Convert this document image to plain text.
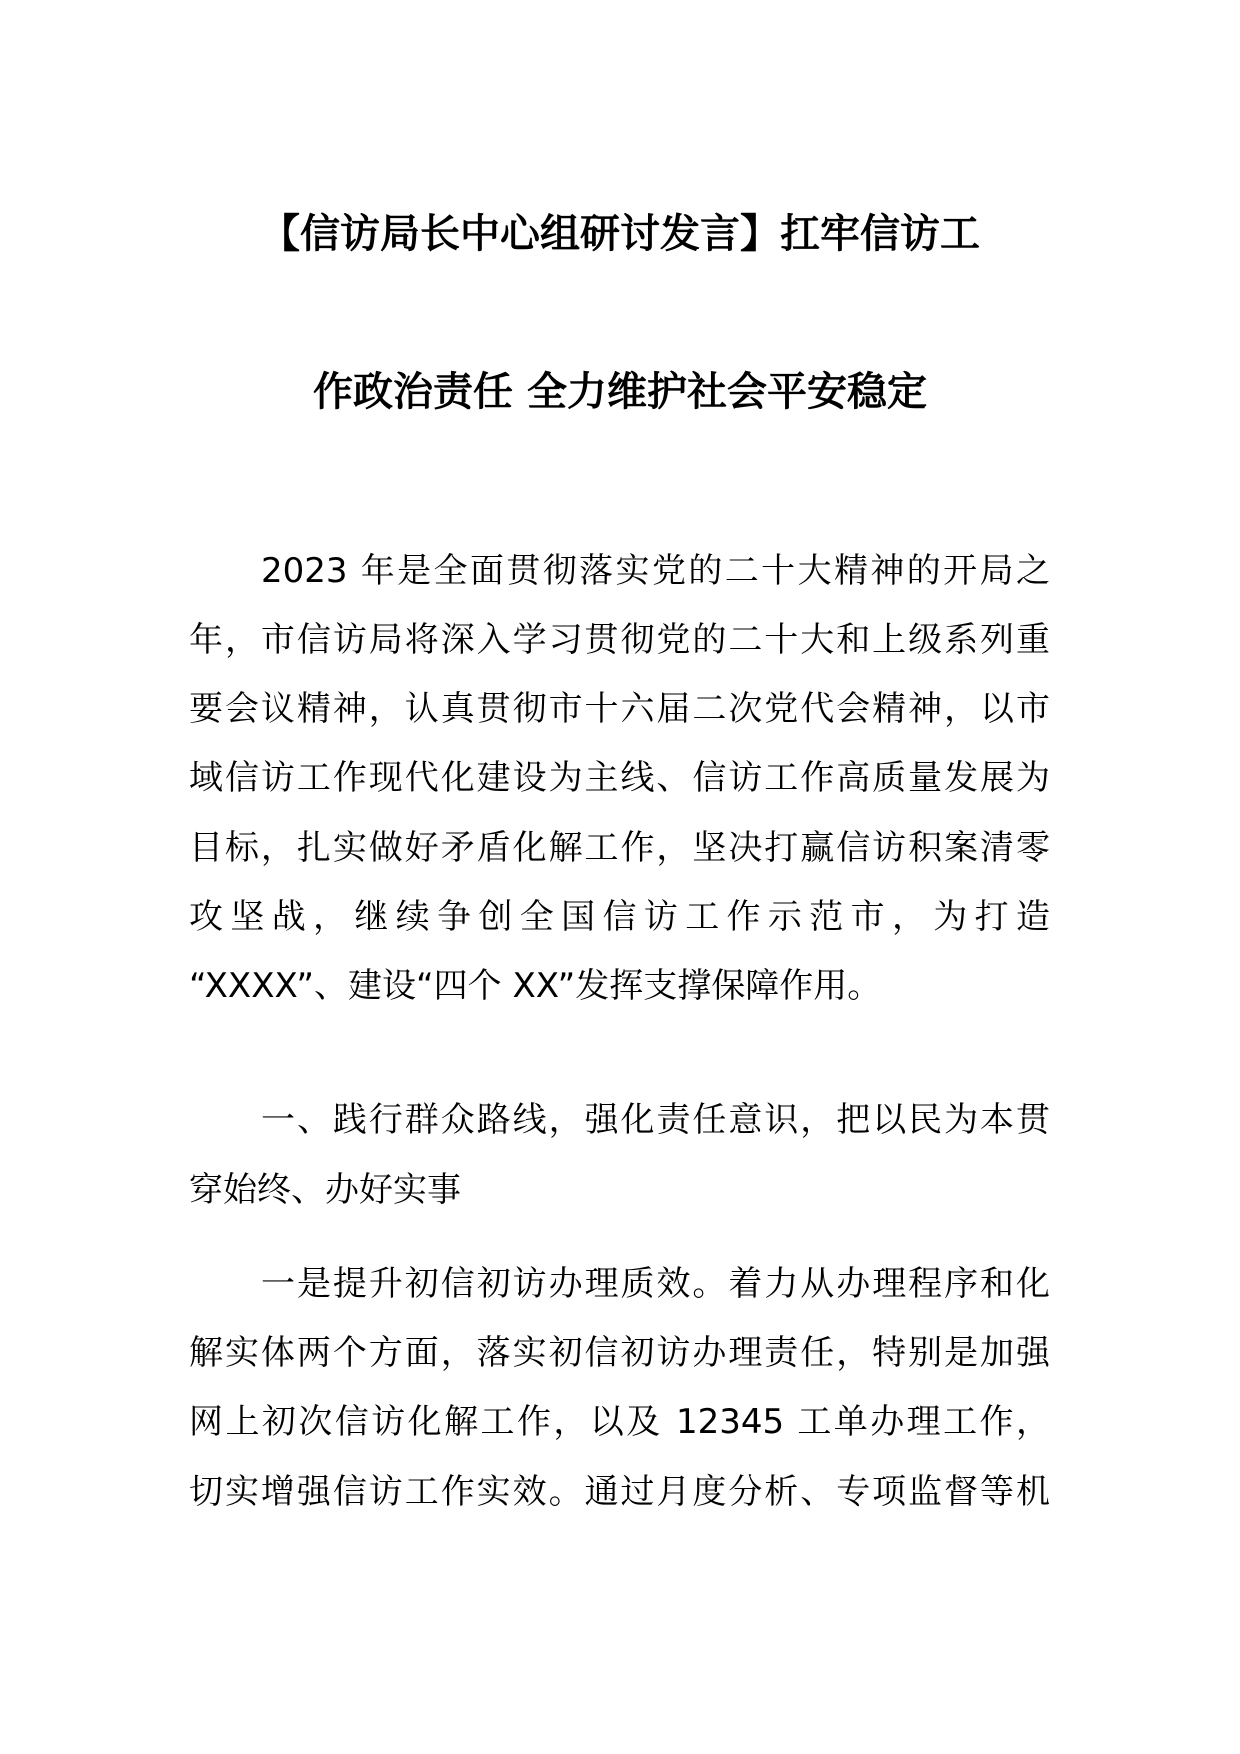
【信访局长中心组研讨发言】扛牢信访工
作政治责任 全力维护社会平安稳定
2023 年是全面贯彻落实党的二十大精神的开局之
年，市信访局将深入学习贯彻党的二十大和上级系列重
要会议精神，认真贯彻市十六届二次党代会精神，以市
域信访工作现代化建设为主线、信访工作高质量发展为
目标，扎实做好矛盾化解工作，坚决打赢信访积案清零
攻坚战，继续争创全国信访工作示范市，为打造
“XXXX”、建设“四个 XX”发挥支撑保障作用。
一、践行群众路线，强化责任意识，把以民为本贯
穿始终、办好实事
一是提升初信初访办理质效。着力从办理程序和化
解实体两个方面，落实初信初访办理责任，特别是加强
网上初次信访化解工作，以及 12345 工单办理工作，
切实增强信访工作实效。通过月度分析、专项监督等机
